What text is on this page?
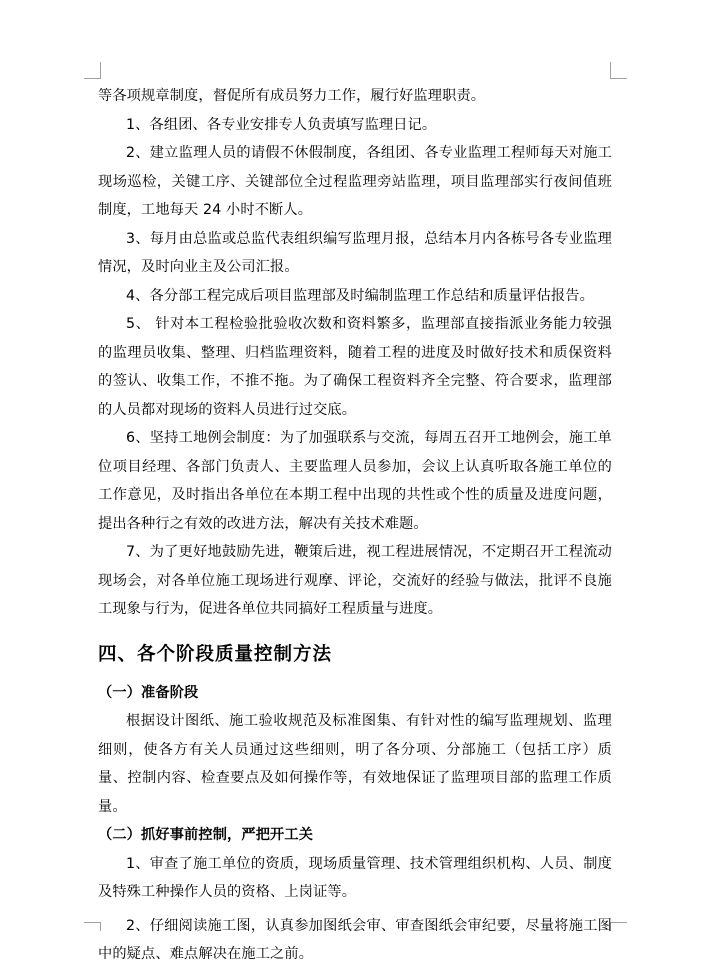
等各项规章制度，督促所有成员努力工作，履行好监理职责。

1、各组团、各专业安排专人负责填写监理日记。

2、建立监理人员的请假不休假制度，各组团、各专业监理工程师每天对施工现场巡检，关键工序、关键部位全过程监理旁站监理，项目监理部实行夜间值班制度，工地每天 24 小时不断人。

3、每月由总监或总监代表组织编写监理月报，总结本月内各栋号各专业监理情况，及时向业主及公司汇报。

4、各分部工程完成后项目监理部及时编制监理工作总结和质量评估报告。

5、 针对本工程检验批验收次数和资料繁多，监理部直接指派业务能力较强的监理员收集、整理、归档监理资料，随着工程的进度及时做好技术和质保资料的签认、收集工作，不推不拖。为了确保工程资料齐全完整、符合要求，监理部的人员都对现场的资料人员进行过交底。

6、坚持工地例会制度：为了加强联系与交流，每周五召开工地例会，施工单位项目经理、各部门负责人、主要监理人员参加，会议上认真听取各施工单位的工作意见，及时指出各单位在本期工程中出现的共性或个性的质量及进度问题，提出各种行之有效的改进方法，解决有关技术难题。

7、为了更好地鼓励先进，鞭策后进，视工程进展情况，不定期召开工程流动现场会，对各单位施工现场进行观摩、评论，交流好的经验与做法，批评不良施工现象与行为，促进各单位共同搞好工程质量与进度。

四、各个阶段质量控制方法

（一）准备阶段

根据设计图纸、施工验收规范及标准图集、有针对性的编写监理规划、监理细则，使各方有关人员通过这些细则，明了各分项、分部施工（包括工序）质量、控制内容、检查要点及如何操作等，有效地保证了监理项目部的监理工作质量。

（二）抓好事前控制，严把开工关

1、审查了施工单位的资质，现场质量管理、技术管理组织机构、人员、制度及特殊工种操作人员的资格、上岗证等。

2、仔细阅读施工图，认真参加图纸会审、审查图纸会审纪要，尽量将施工图中的疑点、难点解决在施工之前。
